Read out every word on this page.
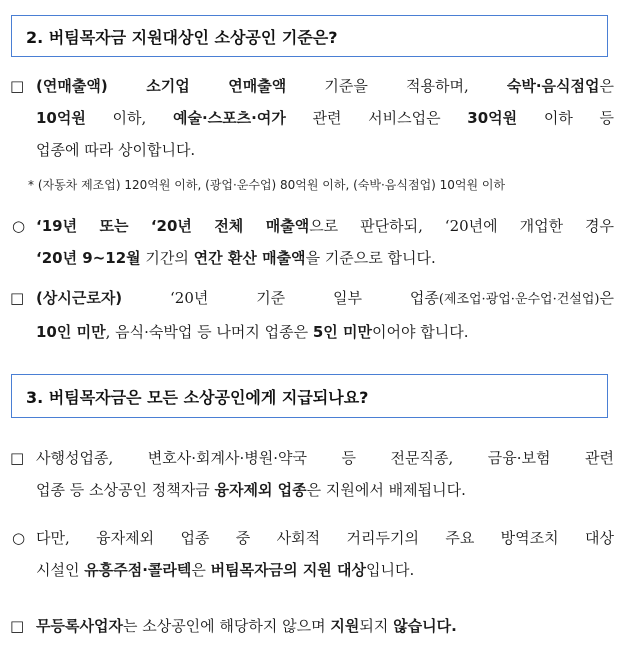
2. 버팀목자금 지원대상인 소상공인 기준은?
□ (연매출액) 소기업 연매출액 기준을 적용하며, 숙박·음식점업은
10억원 이하, 예술·스포츠·여가 관련 서비스업은 30억원 이하 등
업종에 따라 상이합니다.
* (자동차 제조업) 120억원 이하, (광업·운수업) 80억원 이하, (숙박·음식점업) 10억원 이하
○ ‘19년 또는 ‘20년 전체 매출액으로 판단하되, ‘20년에 개업한 경우
‘20년 9~12월 기간의 연간 환산 매출액을 기준으로 합니다.
□ (상시근로자) ‘20년 기준 일부 업종(제조업·광업·운수업·건설업)은
10인 미만, 음식·숙박업 등 나머지 업종은 5인 미만이어야 합니다.
3. 버팀목자금은 모든 소상공인에게 지급되나요?
□ 사행성업종, 변호사·회계사·병원·약국 등 전문직종, 금융·보험 관련
업종 등 소상공인 정책자금 융자제외 업종은 지원에서 배제됩니다.
○ 다만, 융자제외 업종 중 사회적 거리두기의 주요 방역조치 대상
시설인 유흥주점·콜라텍은 버팀목자금의 지원 대상입니다.
□ 무등록사업자는 소상공인에 해당하지 않으며 지원되지 않습니다.
